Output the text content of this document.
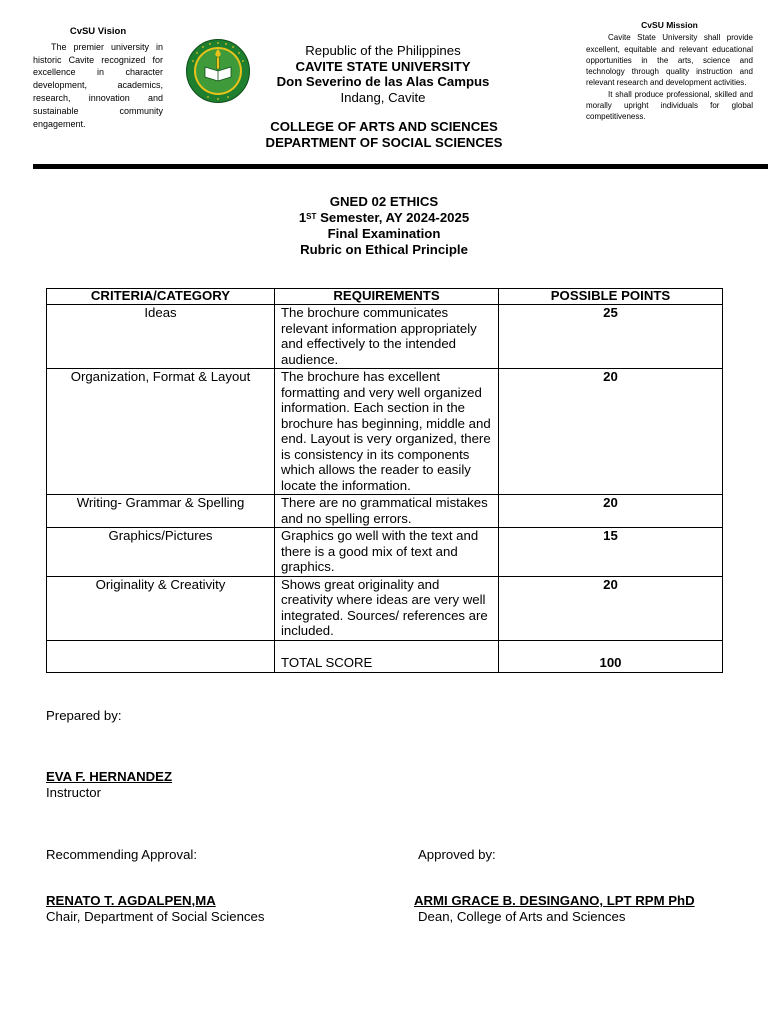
CvSU Vision
The premier university in historic Cavite recognized for excellence in character development, academics, research, innovation and sustainable community engagement.
Republic of the Philippines
CAVITE STATE UNIVERSITY
Don Severino de las Alas Campus
Indang, Cavite
COLLEGE OF ARTS AND SCIENCES
DEPARTMENT OF SOCIAL SCIENCES
CvSU Mission
Cavite State University shall provide excellent, equitable and relevant educational opportunities in the arts, science and technology through quality instruction and relevant research and development activities.
It shall produce professional, skilled and morally upright individuals for global competitiveness.
GNED 02 ETHICS
1ST Semester, AY 2024-2025
Final Examination
Rubric on Ethical Principle
CRITERIA/CATEGORY	REQUIREMENTS	POSSIBLE POINTS
Ideas	The brochure communicates relevant information appropriately and effectively to the intended audience.	25
Organization, Format & Layout	The brochure has excellent formatting and very well organized information. Each section in the brochure has beginning, middle and end. Layout is very organized, there is consistency in its components which allows the reader to easily locate the information.	20
Writing- Grammar & Spelling	There are no grammatical mistakes and no spelling errors.	20
Graphics/Pictures	Graphics go well with the text and there is a good mix of text and graphics.	15
Originality & Creativity	Shows great originality and creativity where ideas are very well integrated. Sources/ references are included.	20
	TOTAL SCORE	100
Prepared by:
EVA F. HERNANDEZ
Instructor
Recommending Approval:
RENATO T. AGDALPEN,MA
Chair, Department of Social Sciences
Approved by:
ARMI GRACE B. DESINGANO, LPT RPM PhD
Dean, College of Arts and Sciences
